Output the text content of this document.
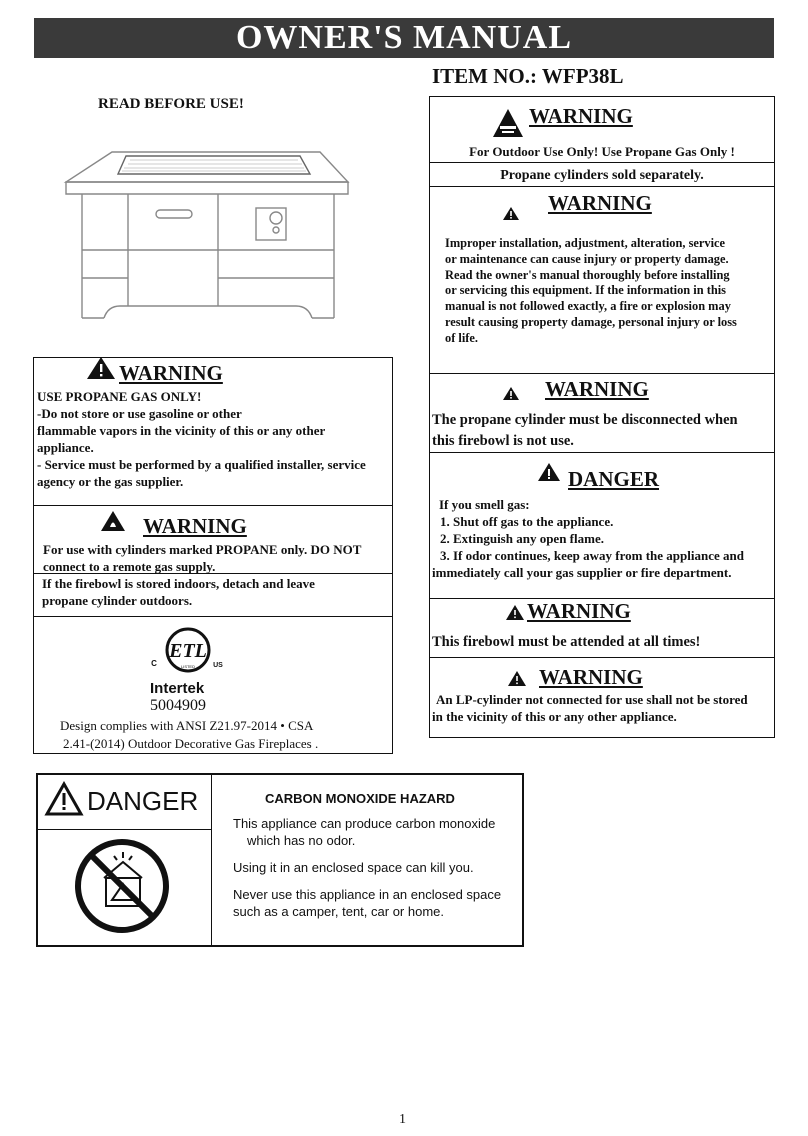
OWNER'S MANUAL
ITEM NO.: WFP38L
READ BEFORE USE!
WARNING
USE PROPANE GAS ONLY!
-Do not store or use gasoline or other
flammable vapors in the vicinity of this or any other
appliance.
- Service must be performed by a qualified installer, service
agency or the gas supplier.
WARNING
For use with cylinders marked PROPANE only. DO NOT
connect to a remote gas supply.
If the firebowl is stored indoors, detach and leave
propane cylinder outdoors.
ETL
LISTED
C	US
Intertek
5004909
Design complies with ANSI Z21.97-2014 • CSA
2.41-(2014) Outdoor Decorative Gas Fireplaces .
WARNING
For Outdoor Use Only! Use Propane Gas Only !
Propane cylinders sold separately.
WARNING
Improper installation, adjustment, alteration, service
or maintenance can cause injury or property damage.
Read the owner's manual thoroughly before installing
or servicing this equipment. If the information in this
manual is not followed exactly, a fire or explosion may
result causing property damage, personal injury or loss
of life.
WARNING
The propane cylinder must be disconnected when
this firebowl is not use.
DANGER
If you smell gas:
1. Shut off gas to the appliance.
2. Extinguish any open flame.
3. If odor continues, keep away from the appliance and
immediately call your gas supplier or fire department.
WARNING
This firebowl must be attended at all times!
WARNING
An LP-cylinder not connected for use shall not be stored
in the vicinity of this or any other appliance.
DANGER	CARBON MONOXIDE HAZARD
This appliance can produce carbon monoxide
which has no odor.
Using it in an enclosed space can kill you.
Never use this appliance in an enclosed space
such as a camper, tent, car or home.
1
